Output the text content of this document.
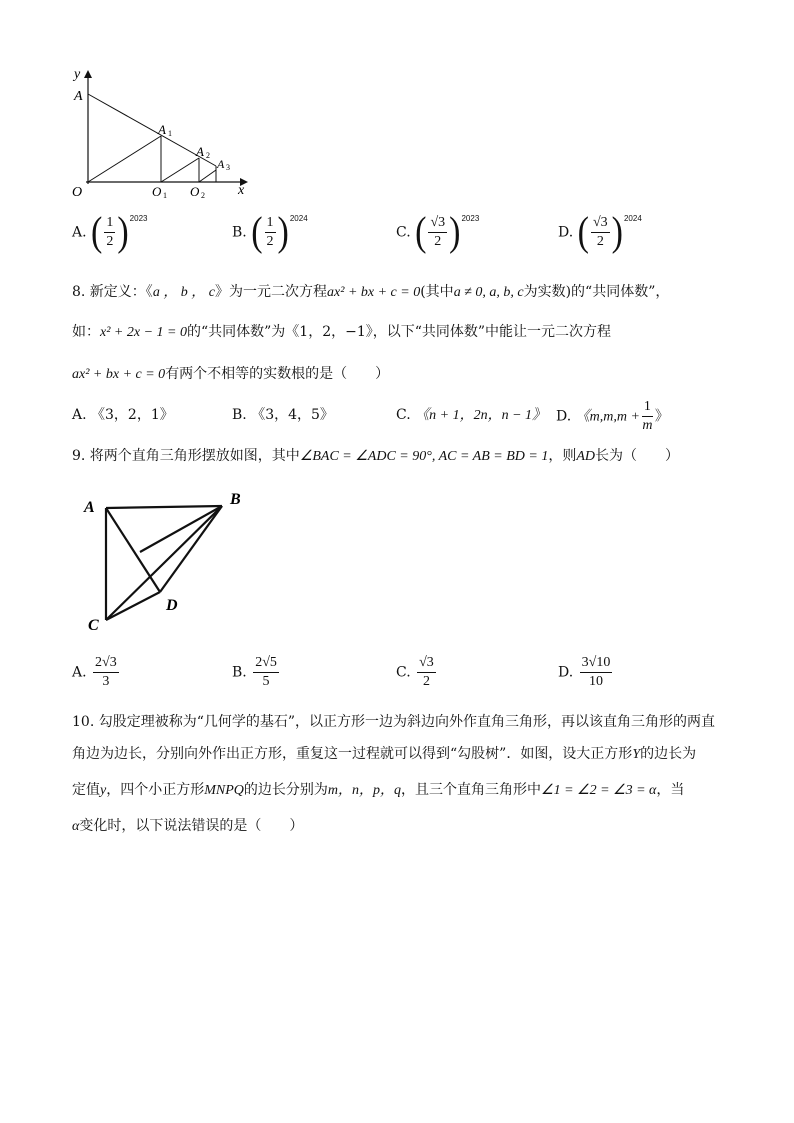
y
A
A 1
A 2
A 3
O	O 1 O 2 x
A. ( $\frac{1}{2}$ ) 2023
B. ( $\frac{1}{2}$ ) 2024
C. ( $\frac{√3}{2}$ ) 2023
D. ( $\frac{√3}{2}$ ) 2024
8. 新定义：《a ， b ， c》为一元二次方程ax² + bx + c = 0(其中a ≠ 0, a, b, c为实数)的“共同体数”，
如：x² + 2x − 1 = 0的“共同体数”为《1，2，−1》，以下“共同体数”中能让一元二次方程
ax² + bx + c = 0有两个不相等的实数根的是（　　）
A. 《3，2，1》	B. 《3，4，5》	C. 《n + 1，2n，n − 1》 D. 《$m,m,m + \frac{1}{m}$ 》
9. 将两个直角三角形摆放如图，其中∠BAC = ∠ADC = 90°, AC = AB = BD = 1，则AD长为（　　）
A	B
C
D
A. $\frac{2√3}{3}$	B. $\frac{2√5}{5}$	C. $\frac{√3}{2}$	D. $\frac{3√10}{10}$
10. 勾股定理被称为“几何学的基石”，以正方形一边为斜边向外作直角三角形，再以该直角三角形的两直
角边为边长，分别向外作出正方形，重复这一过程就可以得到“勾股树”．如图，设大正方形Y的边长为
定值y，四个小正方形MNPQ的边长分别为m，n，p，q，且三个直角三角形中∠1 = ∠2 = ∠3 = α，当
α变化时，以下说法错误的是（　　）
